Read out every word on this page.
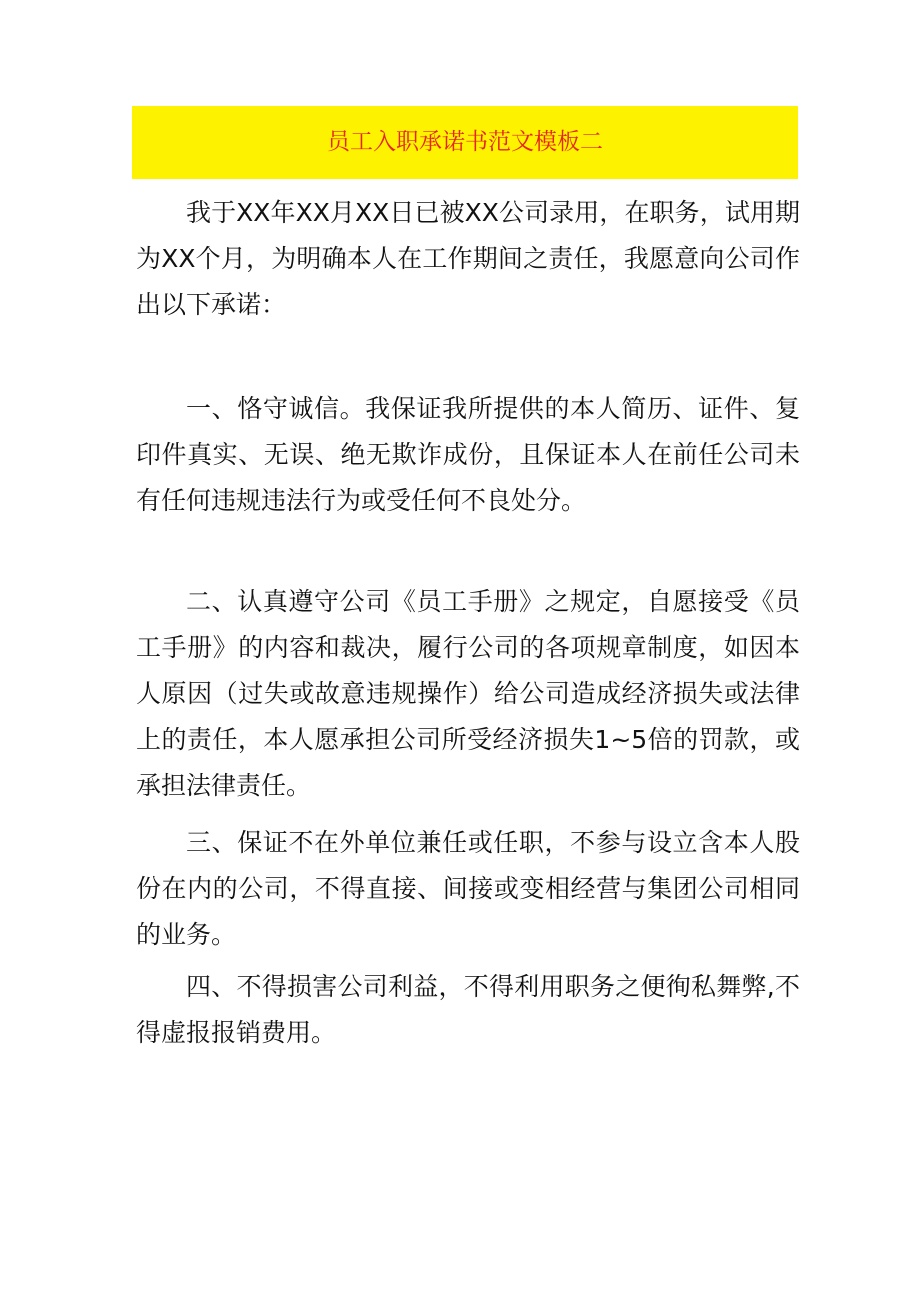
员工入职承诺书范文模板二

我于XX年XX月XX日已被XX公司录用，在职务，试用期为XX个月，为明确本人在工作期间之责任，我愿意向公司作出以下承诺：

一、恪守诚信。我保证我所提供的本人简历、证件、复印件真实、无误、绝无欺诈成份，且保证本人在前任公司未有任何违规违法行为或受任何不良处分。

二、认真遵守公司《员工手册》之规定，自愿接受《员工手册》的内容和裁决，履行公司的各项规章制度，如因本人原因（过失或故意违规操作）给公司造成经济损失或法律上的责任，本人愿承担公司所受经济损失1~5倍的罚款，或承担法律责任。

三、保证不在外单位兼任或任职，不参与设立含本人股份在内的公司，不得直接、间接或变相经营与集团公司相同的业务。

四、不得损害公司利益，不得利用职务之便徇私舞弊,不得虚报报销费用。
